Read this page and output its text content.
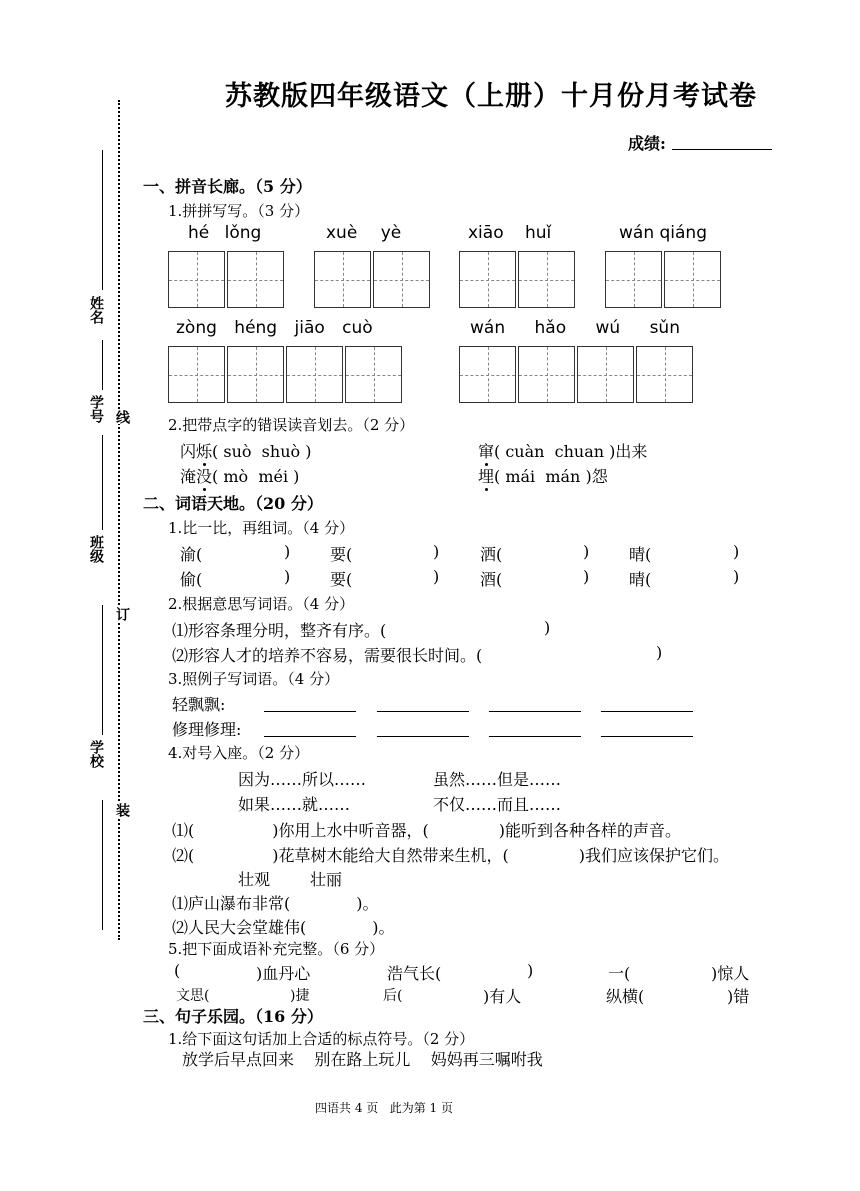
苏教版四年级语文（上册）十月份月考试卷
成绩:
姓名
学号 线
班级
订
学校
装
一、拼音长廊。（5 分）
1.拼拼写写。（3 分）
hé lǒng	xuè yè	xiāo huǐ	wán qiáng
zòng héng jiāo cuò	wán hǎo wú sǔn
2.把带点字的错误读音划去。（2 分）
闪烁( suò  shuò )	窜( cuàn  chuan )出来
淹没( mò  méi )	埋( mái  mán )怨
二、词语天地。（20 分）
1.比一比，再组词。（4 分）
渝(	) 要(	)	洒(	) 晴(	)
偷(	) 要(	)	酒(	) 晴(	)
2.根据意思写词语。（4 分）
⑴形容条理分明，整齐有序。(	)
⑵形容人才的培养不容易，需要很长时间。(	)
3.照例子写词语。（4 分）
轻飘飘:
修理修理:
4.对号入座。（2 分）
因为……所以……	虽然……但是……
如果……就……	不仅……而且……
⑴(	)你用上水中听音器，(	)能听到各种各样的声音。
⑵(	)花草树木能给大自然带来生机，(	)我们应该保护它们。
壮观 壮丽
⑴庐山瀑布非常(	)。
⑵人民大会堂雄伟(	)。
5.把下面成语补充完整。（6 分）
(	)血丹心	浩气长(	)	一(	)惊人
文思(	)捷	后(	)有人	纵横(	)错
三、句子乐园。（16 分）
1.给下面这句话加上合适的标点符号。（2 分）
放学后早点回来    别在路上玩儿    妈妈再三嘱咐我
四语共 4 页   此为第 1 页
